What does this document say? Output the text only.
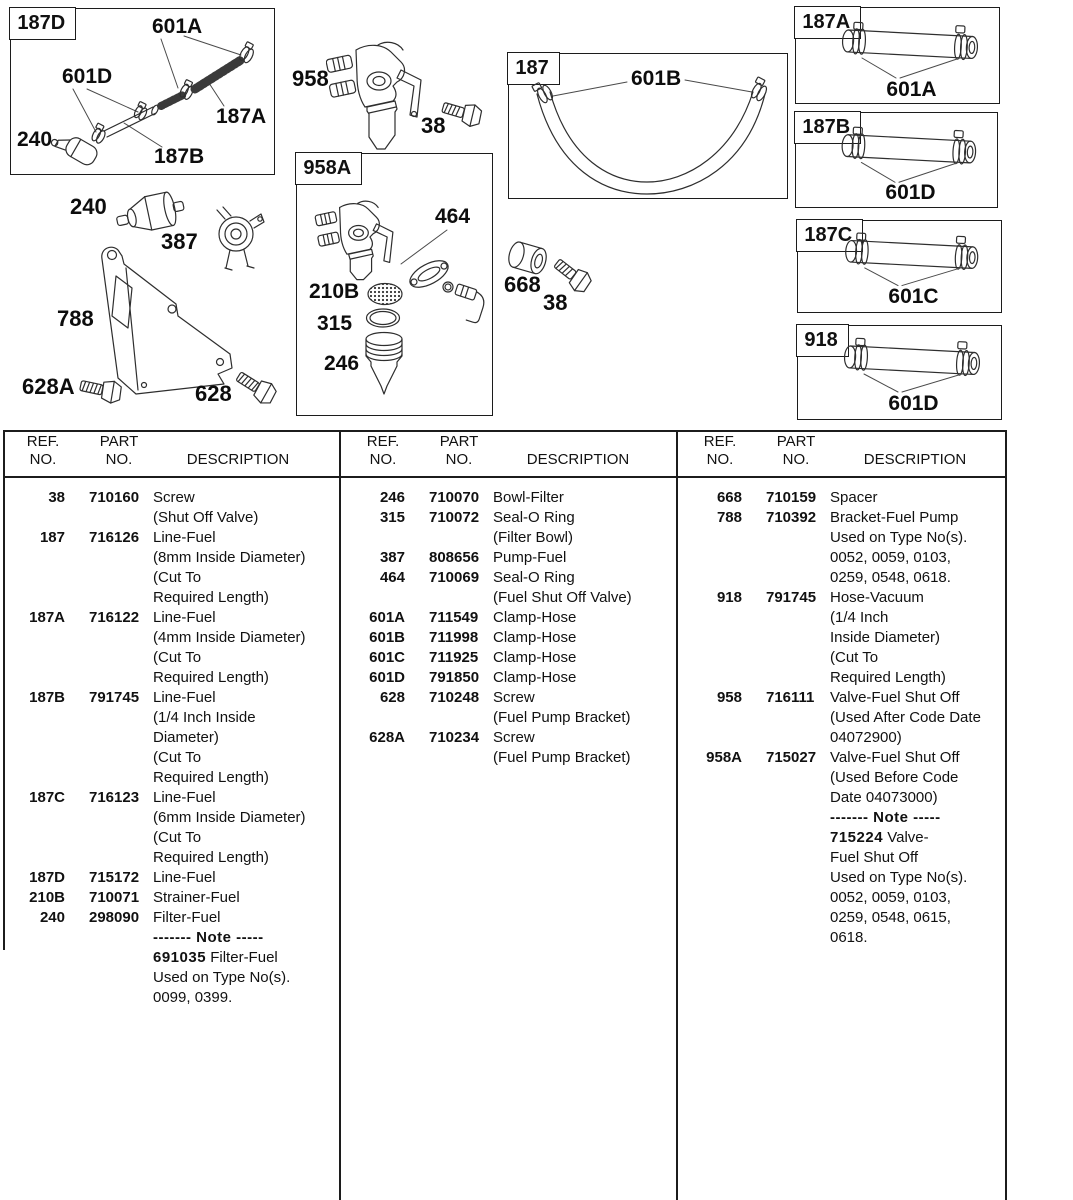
187D	601A
601D
240
187A
187B
958
38
187	601B
187A
601A
187B
601D
187C
601C
918
601D
240
387
788
628A	628
958A
464
210B
315
246
668
38
REF.
NO.
PART
NO.	DESCRIPTION
REF.
NO.
PART
NO.	DESCRIPTION
REF.
NO.
PART
NO.	DESCRIPTION
38 710160 Screw
(Shut Off Valve)
187 716126 Line-Fuel
(8mm Inside Diameter)
(Cut To
Required Length)
187A 716122 Line-Fuel
(4mm Inside Diameter)
(Cut To
Required Length)
187B 791745 Line-Fuel
(1/4 Inch Inside
Diameter)
(Cut To
Required Length)
187C 716123 Line-Fuel
(6mm Inside Diameter)
(Cut To
Required Length)
187D 715172 Line-Fuel
210B 710071 Strainer-Fuel
240 298090 Filter-Fuel
------- Note -----
691035 Filter-Fuel
Used on Type No(s).
0099, 0399.
246 710070 Bowl-Filter
315 710072 Seal-O Ring
(Filter Bowl)
387 808656 Pump-Fuel
464 710069 Seal-O Ring
(Fuel Shut Off Valve)
601A 711549 Clamp-Hose
601B 711998 Clamp-Hose
601C 711925 Clamp-Hose
601D 791850 Clamp-Hose
628 710248 Screw
(Fuel Pump Bracket)
628A 710234 Screw
(Fuel Pump Bracket)
668 710159 Spacer
788 710392 Bracket-Fuel Pump
Used on Type No(s).
0052, 0059, 0103,
0259, 0548, 0618.
918 791745 Hose-Vacuum
(1/4 Inch
Inside Diameter)
(Cut To
Required Length)
958 716111 Valve-Fuel Shut Off
(Used After Code Date
04072900)
958A 715027 Valve-Fuel Shut Off
(Used Before Code
Date 04073000)
------- Note -----
715224 Valve-
Fuel Shut Off
Used on Type No(s).
0052, 0059, 0103,
0259, 0548, 0615,
0618.
